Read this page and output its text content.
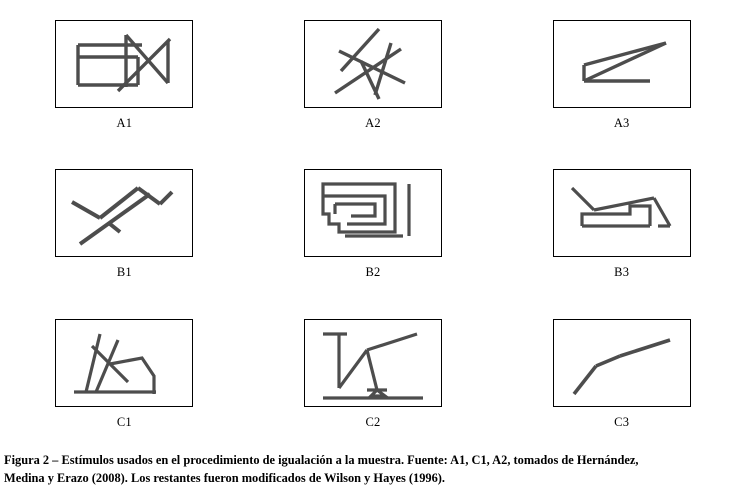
A1	A2	A3
B1	B2	B3
C1	C2	C3
Figura 2 – Estímulos usados en el procedimiento de igualación a la muestra. Fuente: A1, C1, A2, tomados de Hernández,
Medina y Erazo (2008). Los restantes fueron modificados de Wilson y Hayes (1996).
